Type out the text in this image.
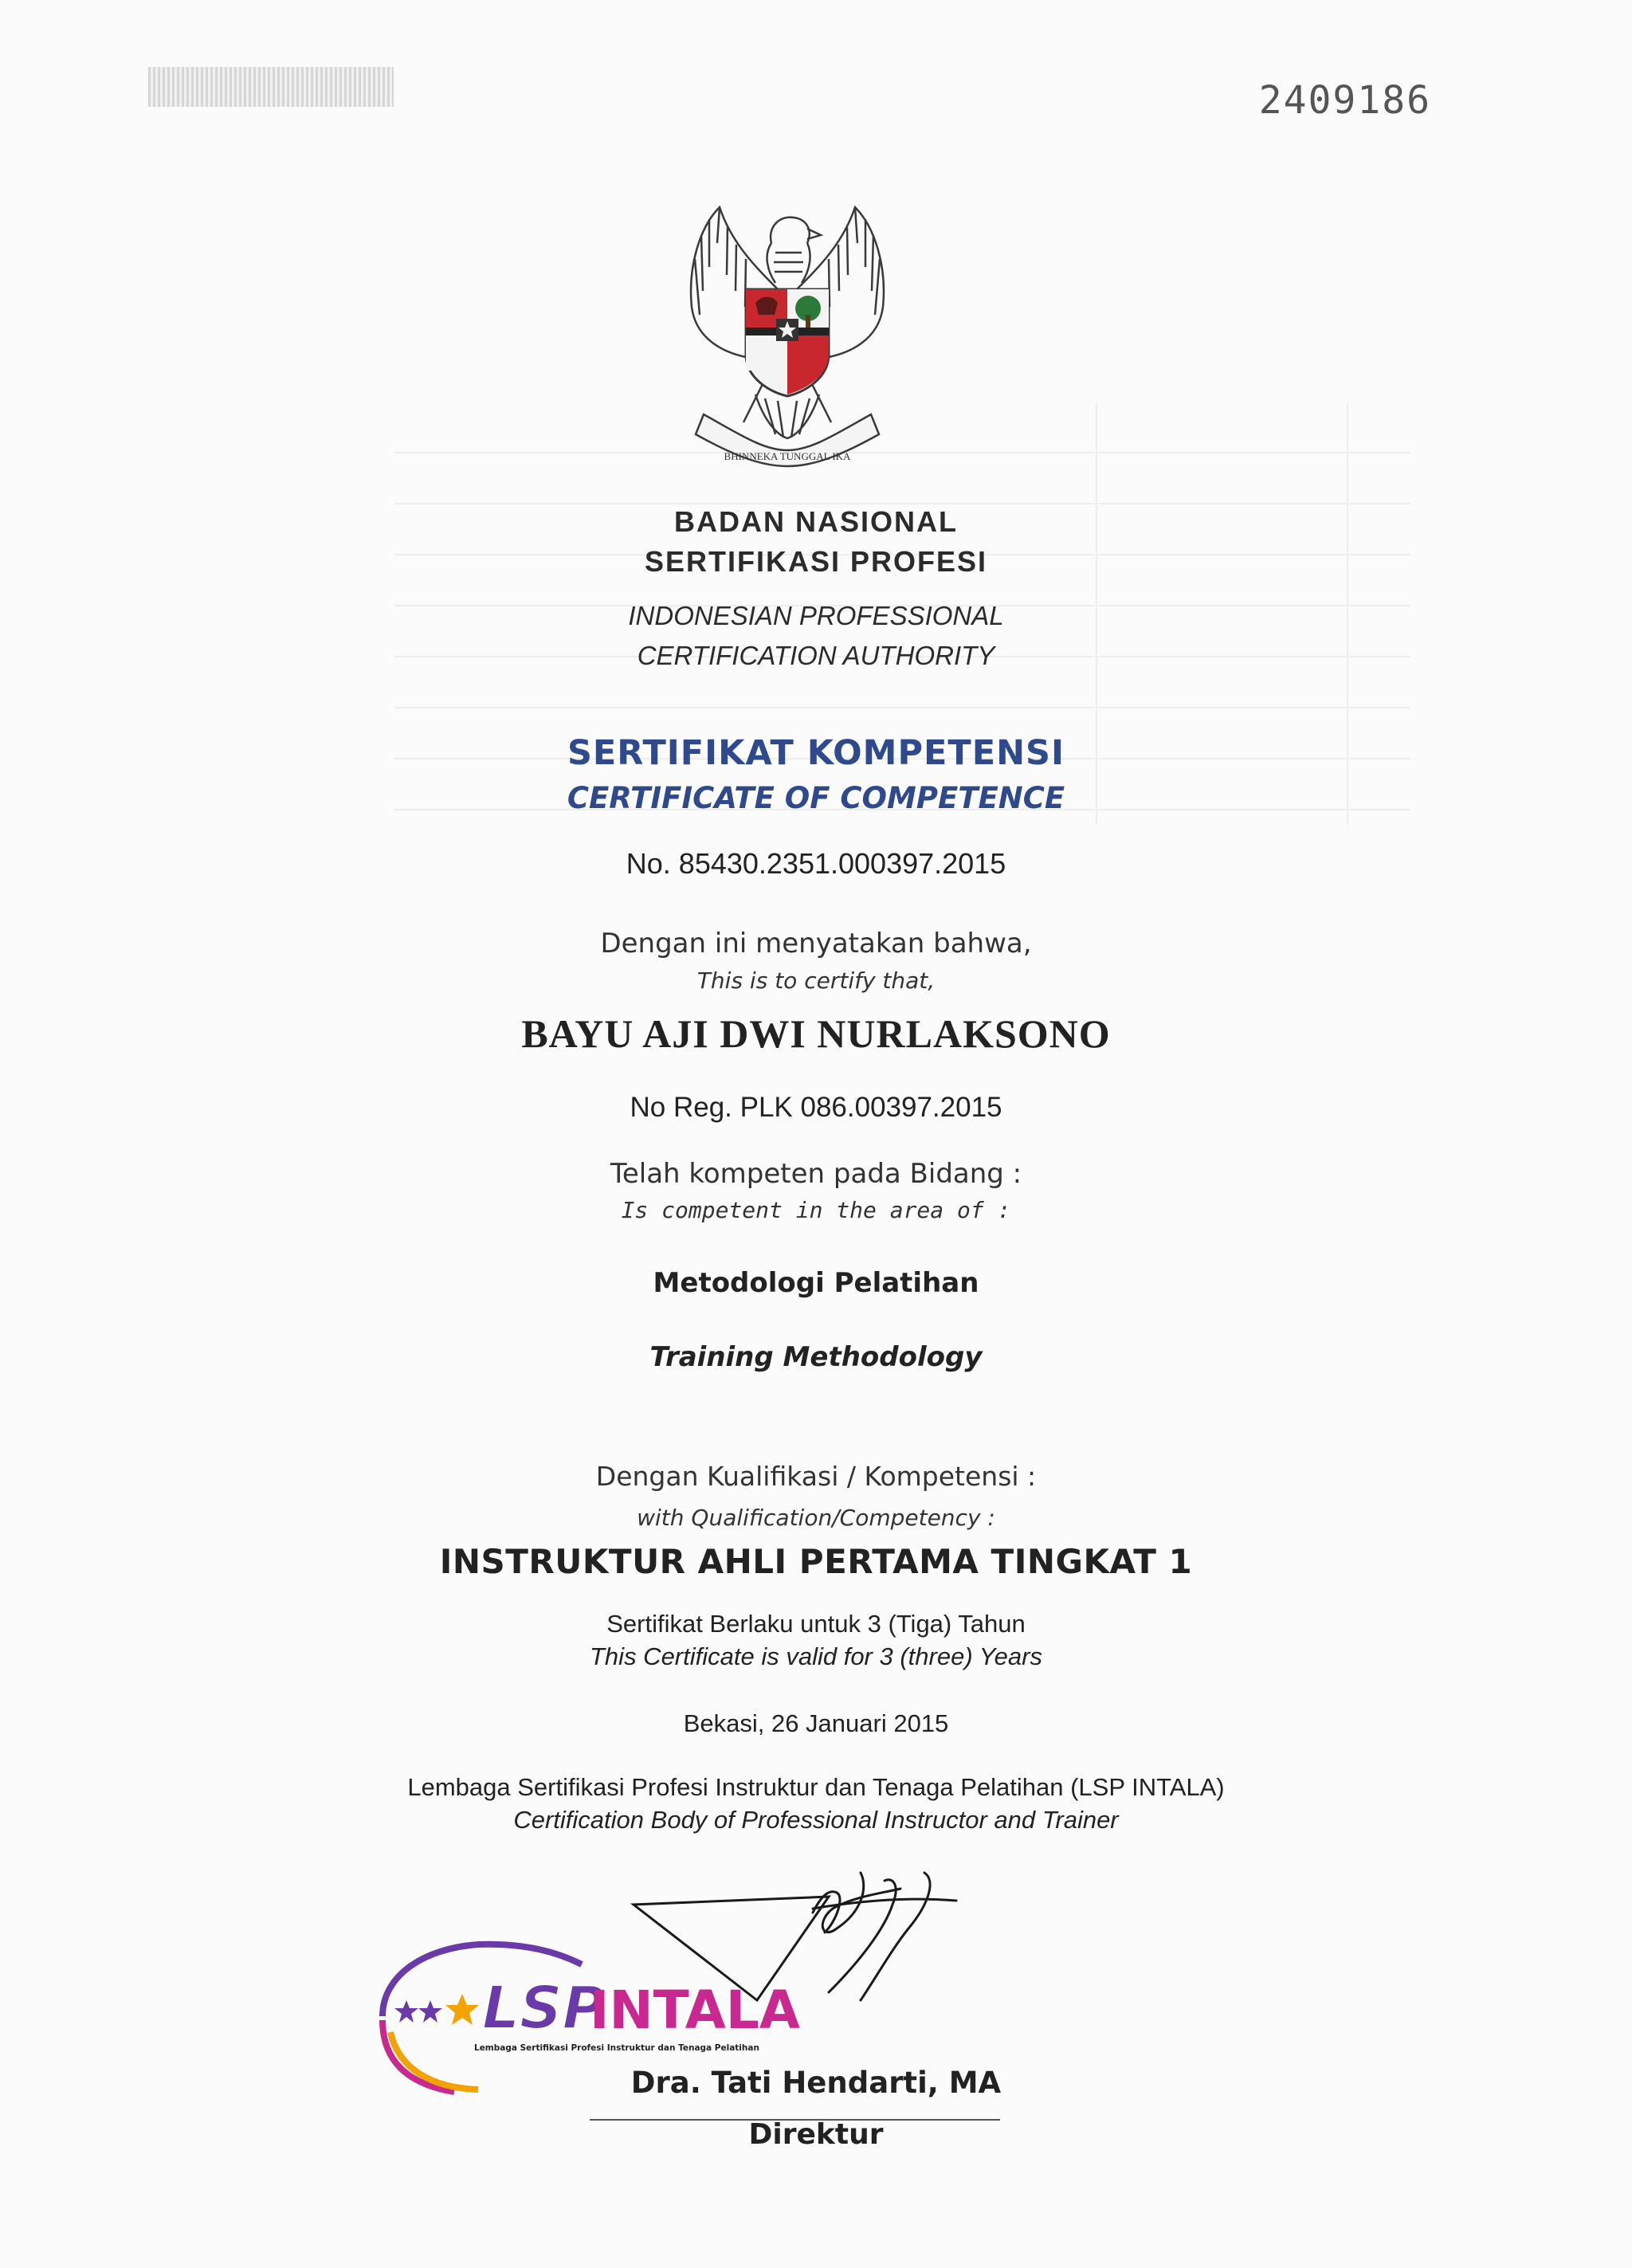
2409186
BHINNEKA TUNGGAL IKA
BADAN NASIONAL
SERTIFIKASI PROFESI
INDONESIAN PROFESSIONAL
CERTIFICATION AUTHORITY
SERTIFIKAT KOMPETENSI
CERTIFICATE OF COMPETENCE
No. 85430.2351.000397.2015
Dengan ini menyatakan bahwa,
This is to certify that,
BAYU AJI DWI NURLAKSONO
No Reg. PLK 086.00397.2015
Telah kompeten pada Bidang :
Is competent in the area of :
Metodologi Pelatihan
Training Methodology
Dengan Kualifikasi / Kompetensi :
with Qualification/Competency :
INSTRUKTUR AHLI PERTAMA TINGKAT 1
Sertifikat Berlaku untuk 3 (Tiga) Tahun
This Certificate is valid for 3 (three) Years
Bekasi, 26 Januari 2015
Lembaga Sertifikasi Profesi Instruktur dan Tenaga Pelatihan (LSP INTALA)
Certification Body of Professional Instructor and Trainer
LSP
INTALA
Lembaga Sertifikasi Profesi Instruktur dan Tenaga Pelatihan
Dra. Tati Hendarti, MA
Direktur
